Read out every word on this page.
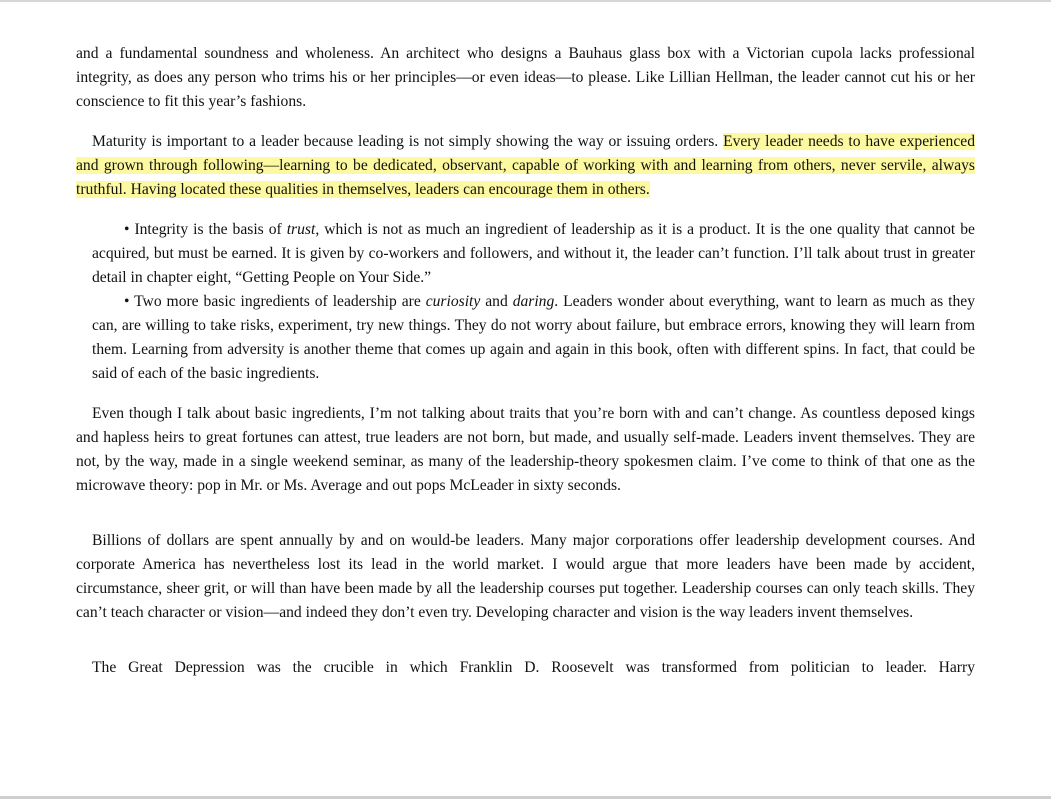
and a fundamental soundness and wholeness. An architect who designs a Bauhaus glass box with a Victorian cupola lacks professional integrity, as does any person who trims his or her principles—or even ideas—to please. Like Lillian Hellman, the leader cannot cut his or her conscience to fit this year’s fashions.

Maturity is important to a leader because leading is not simply showing the way or issuing orders. Every leader needs to have experienced and grown through following—learning to be dedicated, observant, capable of working with and learning from others, never servile, always truthful. Having located these qualities in themselves, leaders can encourage them in others.

• Integrity is the basis of trust, which is not as much an ingredient of leadership as it is a product. It is the one quality that cannot be acquired, but must be earned. It is given by co-workers and followers, and without it, the leader can’t function. I’ll talk about trust in greater detail in chapter eight, “Getting People on Your Side.”

• Two more basic ingredients of leadership are curiosity and daring. Leaders wonder about everything, want to learn as much as they can, are willing to take risks, experiment, try new things. They do not worry about failure, but embrace errors, knowing they will learn from them. Learning from adversity is another theme that comes up again and again in this book, often with different spins. In fact, that could be said of each of the basic ingredients.

Even though I talk about basic ingredients, I’m not talking about traits that you’re born with and can’t change. As countless deposed kings and hapless heirs to great fortunes can attest, true leaders are not born, but made, and usually self-made. Leaders invent themselves. They are not, by the way, made in a single weekend seminar, as many of the leadership-theory spokesmen claim. I’ve come to think of that one as the microwave theory: pop in Mr. or Ms. Average and out pops McLeader in sixty seconds.

Billions of dollars are spent annually by and on would-be leaders. Many major corporations offer leadership development courses. And corporate America has nevertheless lost its lead in the world market. I would argue that more leaders have been made by accident, circumstance, sheer grit, or will than have been made by all the leadership courses put together. Leadership courses can only teach skills. They can’t teach character or vision—and indeed they don’t even try. Developing character and vision is the way leaders invent themselves.

The Great Depression was the crucible in which Franklin D. Roosevelt was transformed from politician to leader. Harry
